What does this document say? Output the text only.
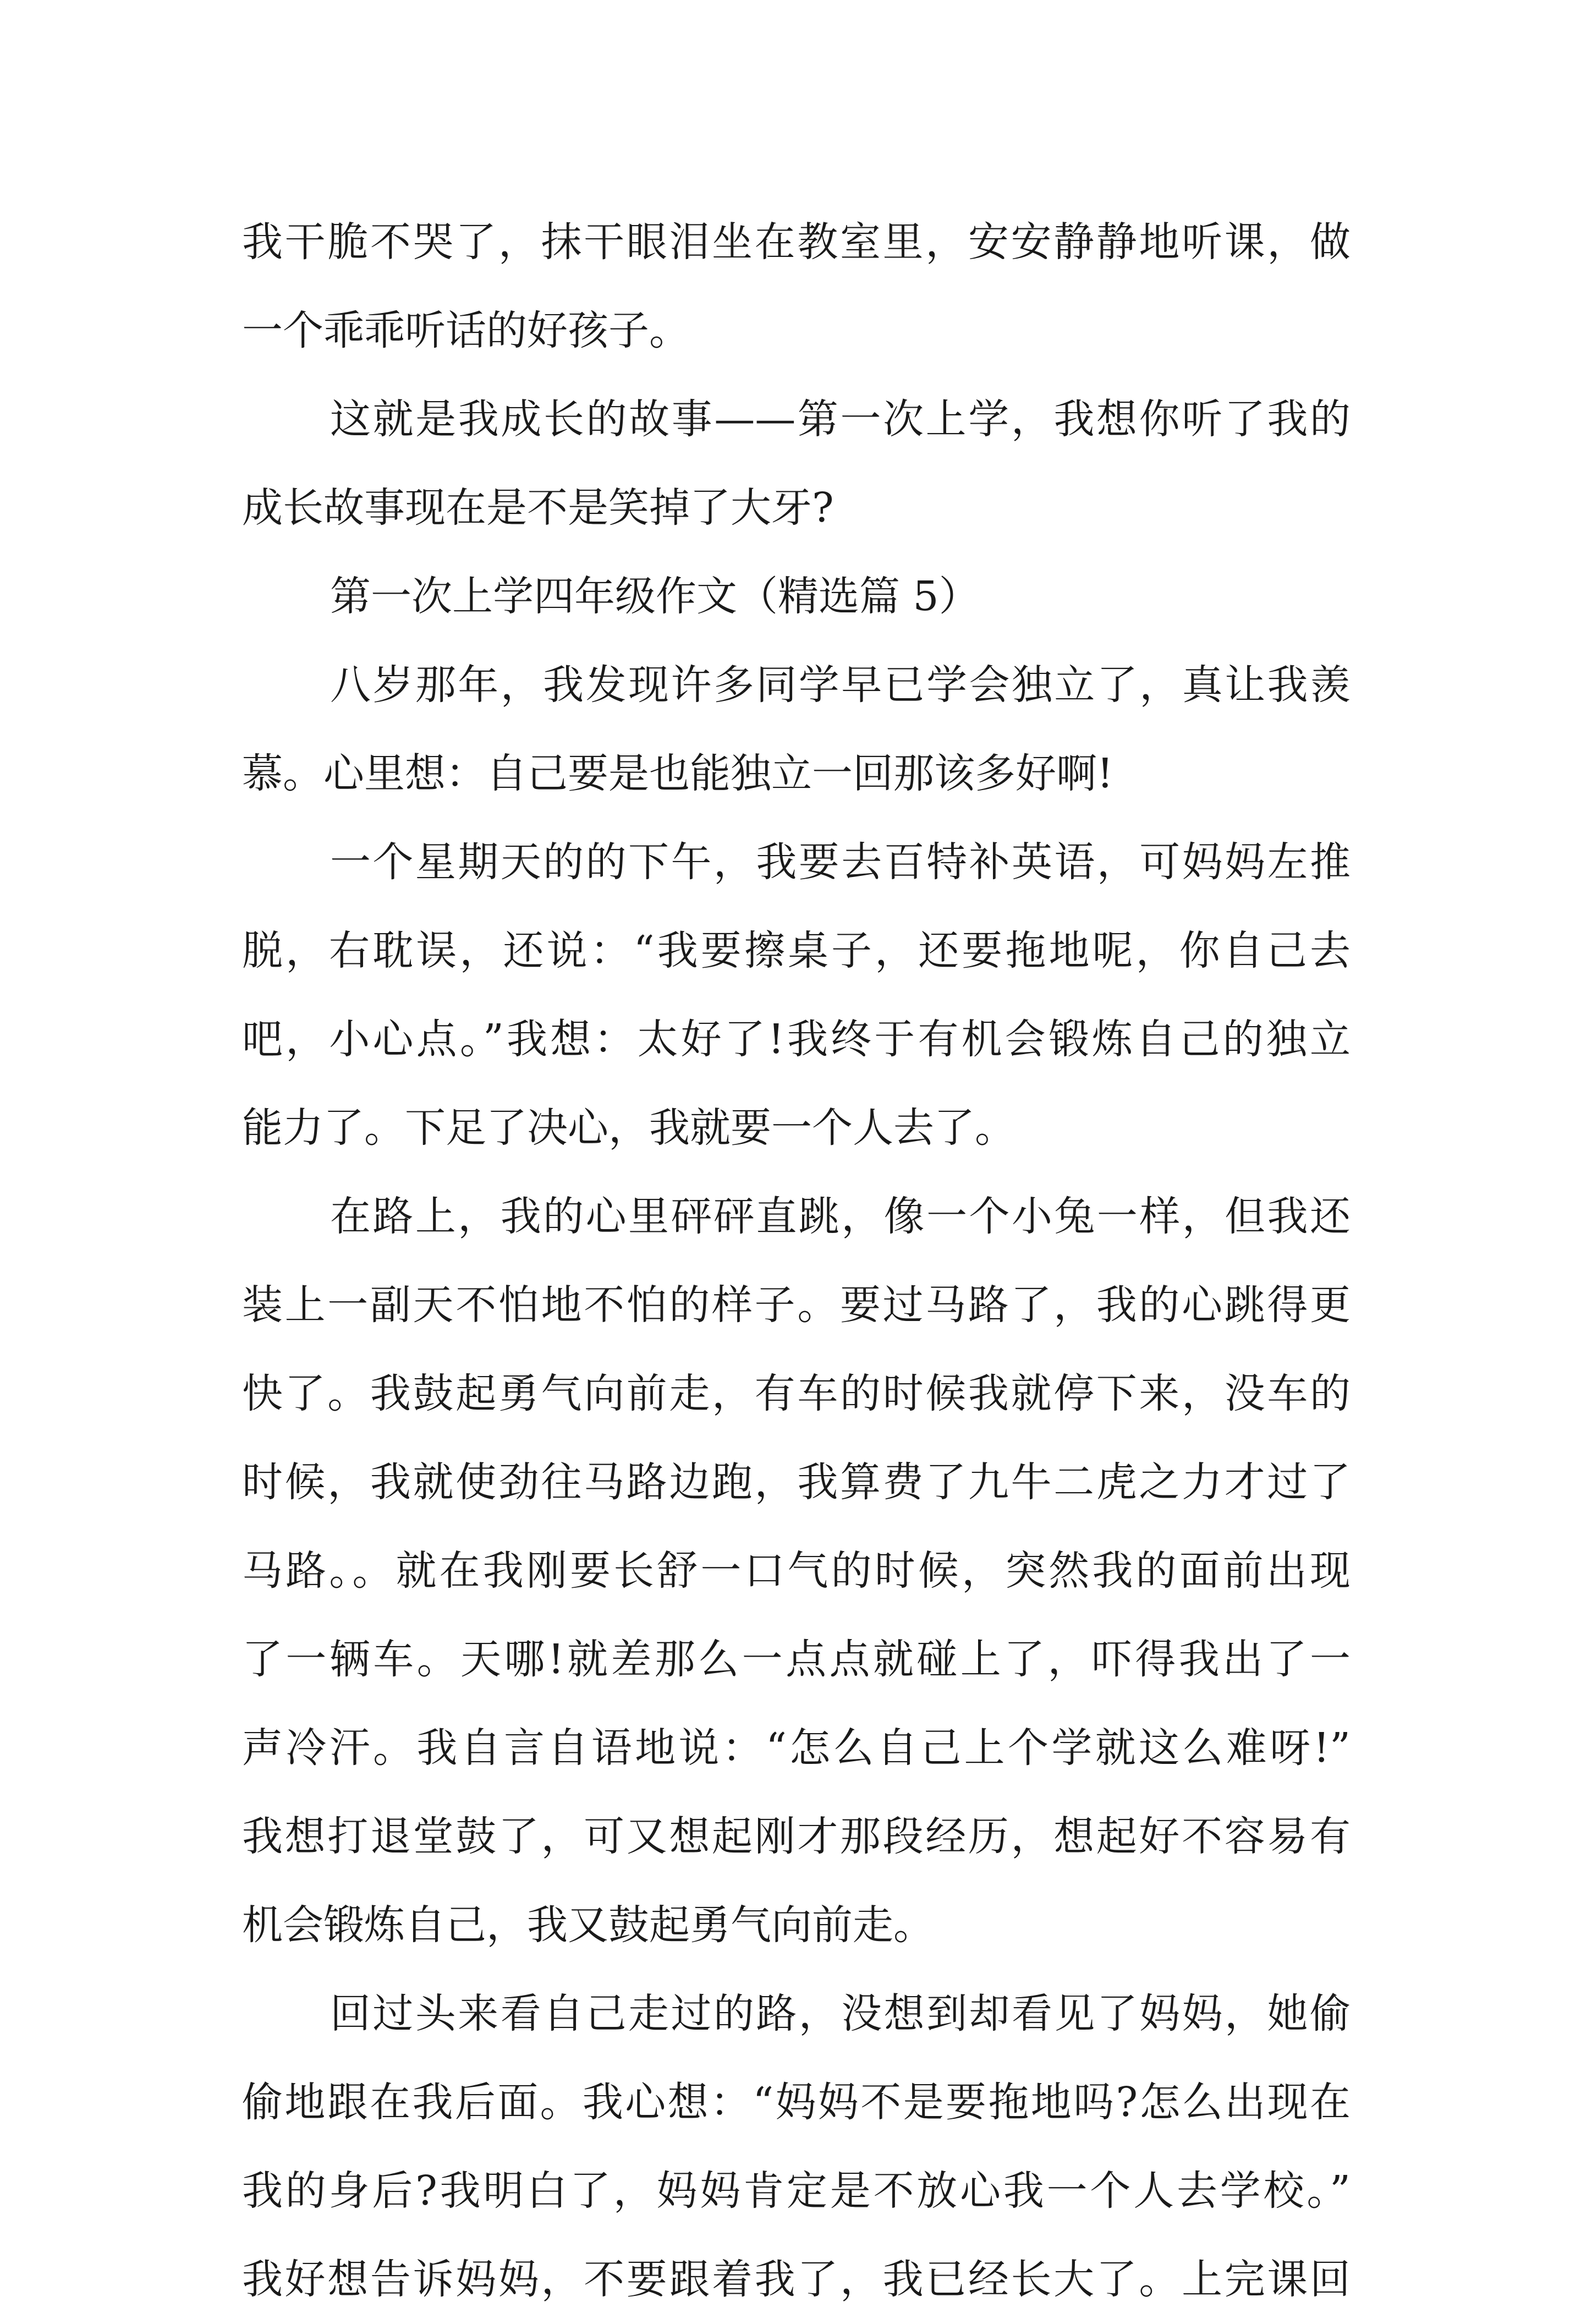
我干脆不哭了，抹干眼泪坐在教室里，安安静静地听课，做
一个乖乖听话的好孩子。
这就是我成长的故事——第一次上学，我想你听了我的
成长故事现在是不是笑掉了大牙?
第一次上学四年级作文（精选篇 5）
八岁那年，我发现许多同学早已学会独立了，真让我羡
慕。心里想：自己要是也能独立一回那该多好啊!
一个星期天的的下午，我要去百特补英语，可妈妈左推
脱，右耽误，还说：“我要擦桌子，还要拖地呢，你自己去
吧，小心点。”我想：太好了!我终于有机会锻炼自己的独立
能力了。下足了决心，我就要一个人去了。
在路上，我的心里砰砰直跳，像一个小兔一样，但我还
装上一副天不怕地不怕的样子。要过马路了，我的心跳得更
快了。我鼓起勇气向前走，有车的时候我就停下来，没车的
时候，我就使劲往马路边跑，我算费了九牛二虎之力才过了
马路。。就在我刚要长舒一口气的时候，突然我的面前出现
了一辆车。天哪!就差那么一点点就碰上了，吓得我出了一
声冷汗。我自言自语地说：“怎么自己上个学就这么难呀!”
我想打退堂鼓了，可又想起刚才那段经历，想起好不容易有
机会锻炼自己，我又鼓起勇气向前走。
回过头来看自己走过的路，没想到却看见了妈妈，她偷
偷地跟在我后面。我心想：“妈妈不是要拖地吗?怎么出现在
我的身后?我明白了，妈妈肯定是不放心我一个人去学校。”
我好想告诉妈妈，不要跟着我了，我已经长大了。上完课回
